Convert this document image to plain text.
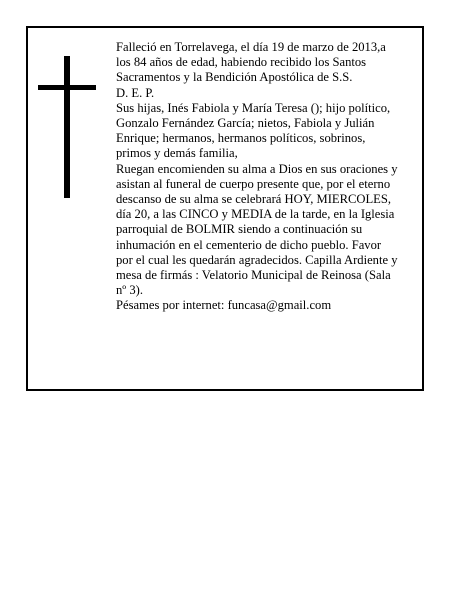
Falleció en Torrelavega, el día 19 de marzo de 2013,a
los 84 años de edad, habiendo recibido los Santos
Sacramentos y la Bendición Apostólica de S.S.
D. E. P.
Sus hijas, Inés Fabiola y María Teresa (); hijo político,
Gonzalo Fernández García; nietos, Fabiola y Julián
Enrique; hermanos, hermanos políticos, sobrinos,
primos y demás familia,
Ruegan encomienden su alma a Dios en sus oraciones y
asistan al funeral de cuerpo presente que, por el eterno
descanso de su alma se celebrará HOY, MIERCOLES,
día 20, a las CINCO y MEDIA de la tarde, en la Iglesia
parroquial de BOLMIR siendo a continuación su
inhumación en el cementerio de dicho pueblo. Favor
por el cual les quedarán agradecidos. Capilla Ardiente y
mesa de firmás : Velatorio Municipal de Reinosa (Sala
nº 3).
Pésames por internet: funcasa@gmail.com
